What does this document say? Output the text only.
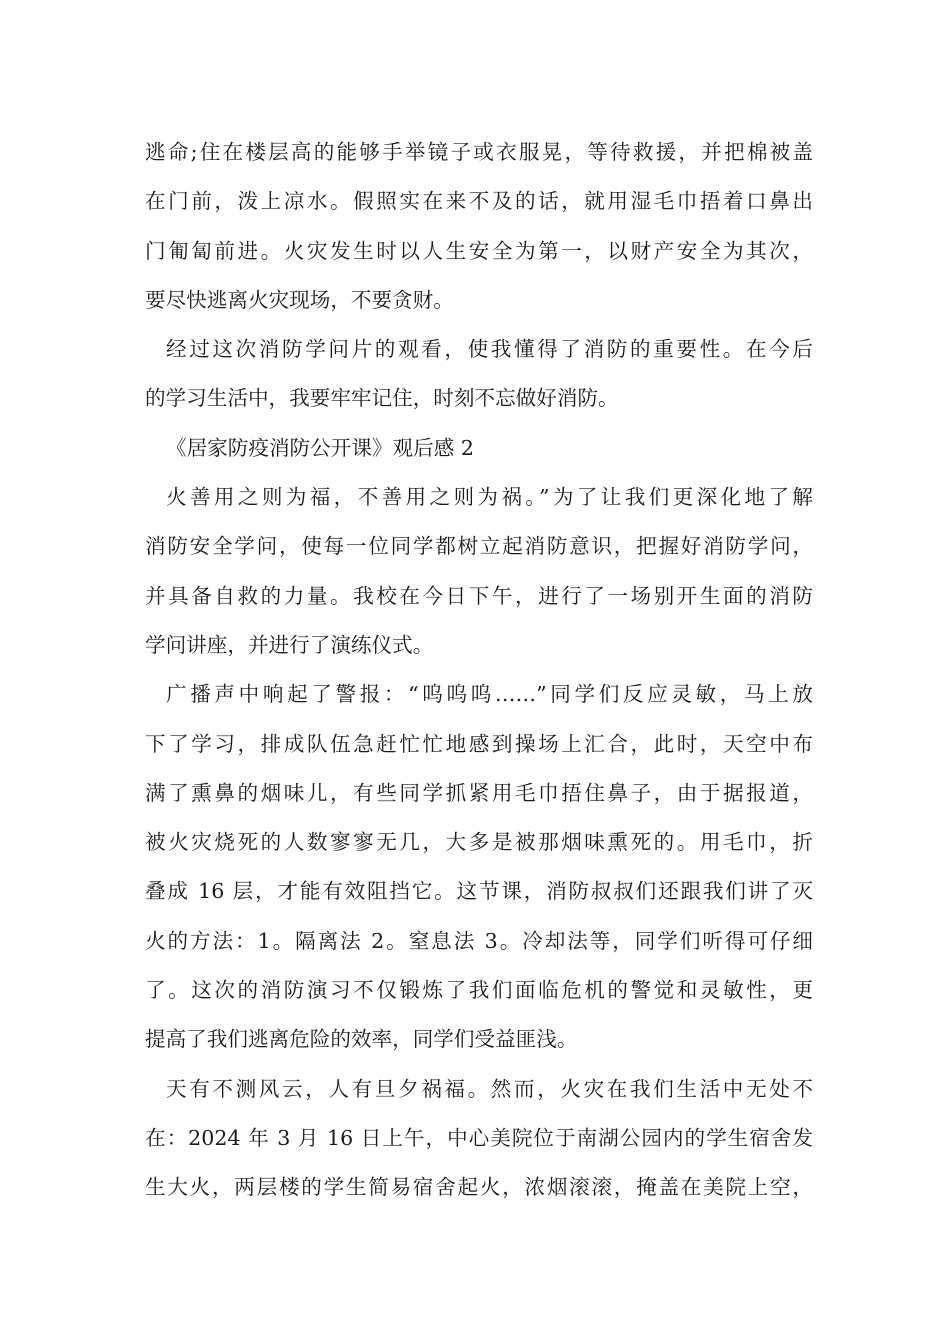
逃命;住在楼层高的能够手举镜子或衣服晃，等待救援，并把棉被盖
在门前，泼上凉水。假照实在来不及的话，就用湿毛巾捂着口鼻出
门匍匐前进。火灾发生时以人生安全为第一，以财产安全为其次，
要尽快逃离火灾现场，不要贪财。
经过这次消防学问片的观看，使我懂得了消防的重要性。在今后
的学习生活中，我要牢牢记住，时刻不忘做好消防。
《居家防疫消防公开课》观后感 2
火善用之则为福，不善用之则为祸。”为了让我们更深化地了解
消防安全学问，使每一位同学都树立起消防意识，把握好消防学问，
并具备自救的力量。我校在今日下午，进行了一场别开生面的消防
学问讲座，并进行了演练仪式。
广播声中响起了警报：“呜呜呜……”同学们反应灵敏，马上放
下了学习，排成队伍急赶忙忙地感到操场上汇合，此时，天空中布
满了熏鼻的烟味儿，有些同学抓紧用毛巾捂住鼻子，由于据报道，
被火灾烧死的人数寥寥无几，大多是被那烟味熏死的。用毛巾，折
叠成 16 层，才能有效阻挡它。这节课，消防叔叔们还跟我们讲了灭
火的方法：1。隔离法 2。窒息法 3。冷却法等，同学们听得可仔细
了。这次的消防演习不仅锻炼了我们面临危机的警觉和灵敏性，更
提高了我们逃离危险的效率，同学们受益匪浅。
天有不测风云，人有旦夕祸福。然而，火灾在我们生活中无处不
在：2024 年 3 月 16 日上午，中心美院位于南湖公园内的学生宿舍发
生大火，两层楼的学生简易宿舍起火，浓烟滚滚，掩盖在美院上空，
